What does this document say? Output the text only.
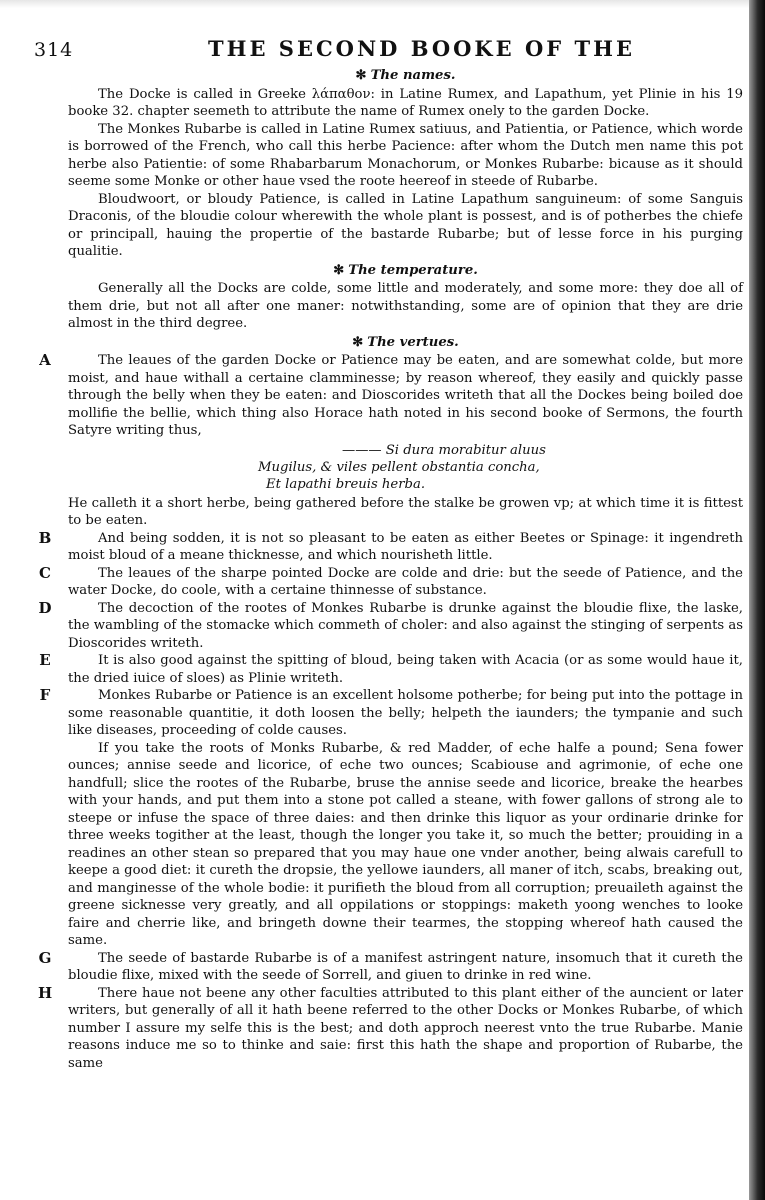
314	THE SECOND BOOKE OF THE
✻ The names.

The Docke is called in Greeke λάπαθον: in Latine Rumex, and Lapathum, yet Plinie in his 19 booke 32. chapter seemeth to attribute the name of Rumex onely to the garden Docke.

The Monkes Rubarbe is called in Latine Rumex satiuus, and Patientia, or Patience, which worde is borrowed of the French, who call this herbe Pacience: after whom the Dutch men name this pot herbe also Patientie: of some Rhabarbarum Monachorum, or Monkes Rubarbe: bicause as it should seeme some Monke or other haue vsed the roote heereof in steede of Rubarbe.

Bloudwoort, or bloudy Patience, is called in Latine Lapathum sanguineum: of some Sanguis Draconis, of the bloudie colour wherewith the whole plant is possest, and is of potherbes the chiefe or principall, hauing the propertie of the bastarde Rubarbe; but of lesse force in his purging qualitie.

✻ The temperature.

Generally all the Docks are colde, some little and moderately, and some more: they doe all of them drie, but not all after one maner: notwithstanding, some are of opinion that they are drie almost in the third degree.

✻ The vertues.

A	The leaues of the garden Docke or Patience may be eaten, and are somewhat colde, but more moist, and haue withall a certaine clamminesse; by reason whereof, they easily and quickly passe through the belly when they be eaten: and Dioscorides writeth that all the Dockes being boiled doe mollifie the bellie, which thing also Horace hath noted in his second booke of Sermons, the fourth Satyre writing thus,

——— Si dura morabitur aluus
Mugilus, & viles pellent obstantia concha,
Et lapathi breuis herba.

He calleth it a short herbe, being gathered before the stalke be growen vp; at which time it is fittest to be eaten.

B	And being sodden, it is not so pleasant to be eaten as either Beetes or Spinage: it ingendreth moist bloud of a meane thicknesse, and which nourisheth little.

C	The leaues of the sharpe pointed Docke are colde and drie: but the seede of Patience, and the water Docke, do coole, with a certaine thinnesse of substance.

D	The decoction of the rootes of Monkes Rubarbe is drunke against the bloudie flixe, the laske, the wambling of the stomacke which commeth of choler: and also against the stinging of serpents as Dioscorides writeth.

E	It is also good against the spitting of bloud, being taken with Acacia (or as some would haue it, the dried iuice of sloes) as Plinie writeth.

F	Monkes Rubarbe or Patience is an excellent holsome potherbe; for being put into the pottage in some reasonable quantitie, it doth loosen the belly; helpeth the iaunders; the tympanie and such like diseases, proceeding of colde causes.

If you take the roots of Monks Rubarbe, & red Madder, of eche halfe a pound; Sena fower ounces; annise seede and licorice, of eche two ounces; Scabiouse and agrimonie, of eche one handfull; slice the rootes of the Rubarbe, bruse the annise seede and licorice, breake the hearbes with your hands, and put them into a stone pot called a steane, with fower gallons of strong ale to steepe or infuse the space of three daies: and then drinke this liquor as your ordinarie drinke for three weeks togither at the least, though the longer you take it, so much the better; prouiding in a readines an other stean so prepared that you may haue one vnder another, being alwais carefull to keepe a good diet: it cureth the dropsie, the yellowe iaunders, all maner of itch, scabs, breaking out, and manginesse of the whole bodie: it purifieth the bloud from all corruption; preuaileth against the greene sicknesse very greatly, and all oppilations or stoppings: maketh yoong wenches to looke faire and cherrie like, and bringeth downe their tearmes, the stopping whereof hath caused the same.

G	The seede of bastarde Rubarbe is of a manifest astringent nature, insomuch that it cureth the bloudie flixe, mixed with the seede of Sorrell, and giuen to drinke in red wine.

H	There haue not beene any other faculties attributed to this plant either of the auncient or later writers, but generally of all it hath beene referred to the other Docks or Monkes Rubarbe, of which number I assure my selfe this is the best; and doth approch neerest vnto the true Rubarbe. Manie reasons induce me so to thinke and saie: first this hath the shape and proportion of Rubarbe, the same
